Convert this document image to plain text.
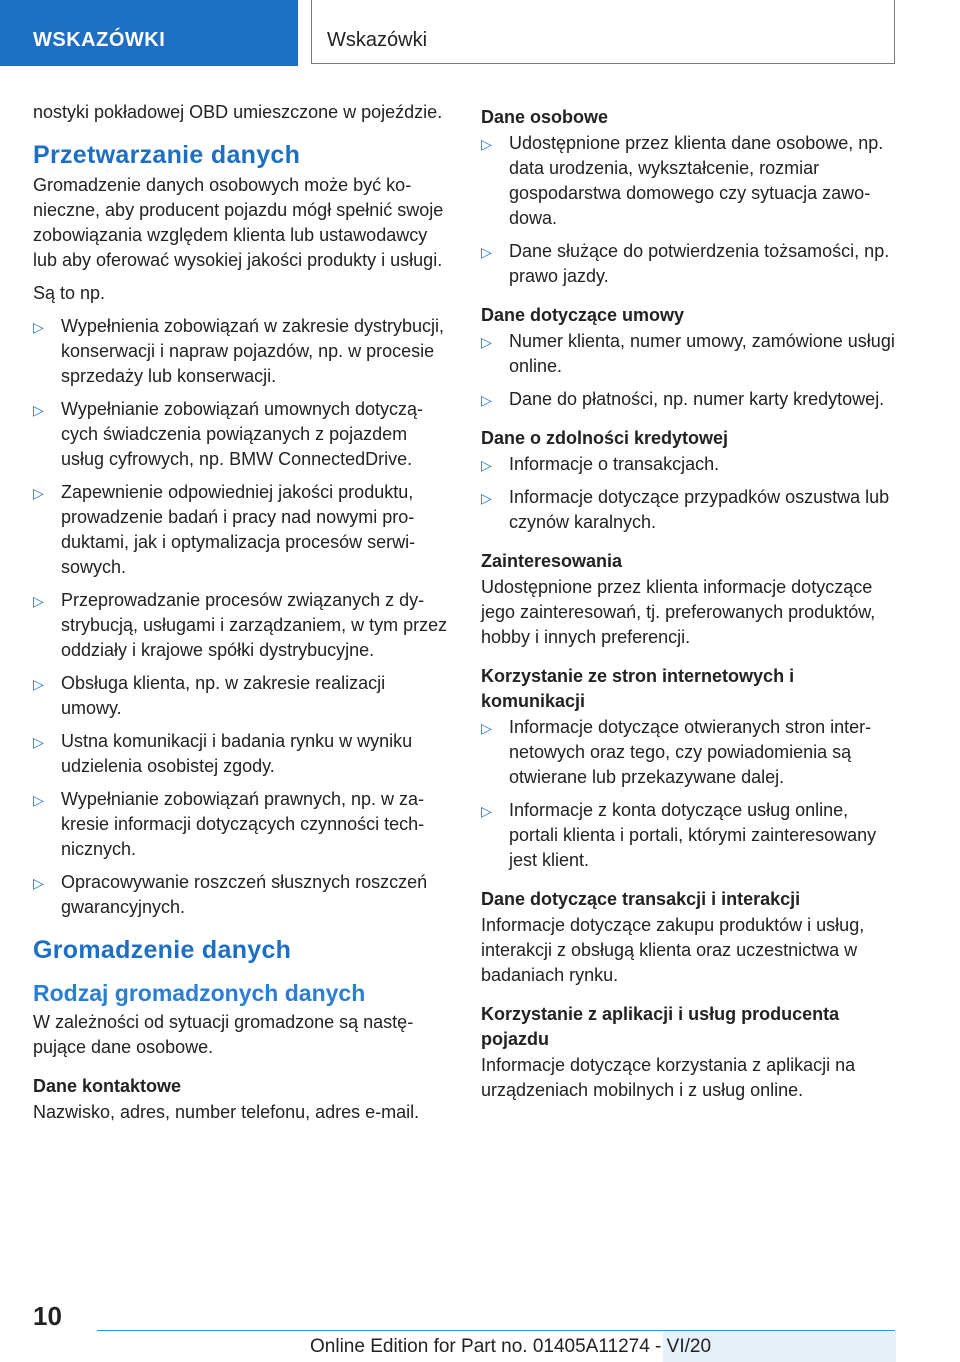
WSKAZÓWKI	Wskazówki

nostyki pokładowej OBD umieszczone w pojeździe.

Przetwarzanie danych

Gromadzenie danych osobowych może być konieczne, aby producent pojazdu mógł spełnić swoje zobowiązania względem klienta lub ustawodawcy lub aby oferować wysokiej jakości produkty i usługi.

Są to np.

▷ Wypełnienia zobowiązań w zakresie dystrybucji, konserwacji i napraw pojazdów, np. w procesie sprzedaży lub konserwacji.
▷ Wypełnianie zobowiązań umownych dotyczących świadczenia powiązanych z pojazdem usług cyfrowych, np. BMW ConnectedDrive.
▷ Zapewnienie odpowiedniej jakości produktu, prowadzenie badań i pracy nad nowymi produktami, jak i optymalizacja procesów serwisowych.
▷ Przeprowadzanie procesów związanych z dystrybucją, usługami i zarządzaniem, w tym przez oddziały i krajowe spółki dystrybucyjne.
▷ Obsługa klienta, np. w zakresie realizacji umowy.
▷ Ustna komunikacji i badania rynku w wyniku udzielenia osobistej zgody.
▷ Wypełnianie zobowiązań prawnych, np. w zakresie informacji dotyczących czynności technicznych.
▷ Opracowywanie roszczeń słusznych roszczeń gwarancyjnych.
Gromadzenie danych
Rodzaj gromadzonych danych

W zależności od sytuacji gromadzone są następujące dane osobowe.

Dane kontaktowe

Nazwisko, adres, number telefonu, adres e-mail.

Dane osobowe
▷ Udostępnione przez klienta dane osobowe, np. data urodzenia, wykształcenie, rozmiar gospodarstwa domowego czy sytuacja zawodowa.
▷ Dane służące do potwierdzenia tożsamości, np. prawo jazdy.
Dane dotyczące umowy
▷ Numer klienta, numer umowy, zamówione usługi online.
▷ Dane do płatności, np. numer karty kredytowej.
Dane o zdolności kredytowej
▷ Informacje o transakcjach.
▷ Informacje dotyczące przypadków oszustwa lub czynów karalnych.
Zainteresowania

Udostępnione przez klienta informacje dotyczące jego zainteresowań, tj. preferowanych produktów, hobby i innych preferencji.

Korzystanie ze stron internetowych i komunikacji
▷ Informacje dotyczące otwieranych stron internetowych oraz tego, czy powiadomienia są otwierane lub przekazywane dalej.
▷ Informacje z konta dotyczące usług online, portali klienta i portali, którymi zainteresowany jest klient.
Dane dotyczące transakcji i interakcji

Informacje dotyczące zakupu produktów i usług, interakcji z obsługą klienta oraz uczestnictwa w badaniach rynku.

Korzystanie z aplikacji i usług producenta pojazdu

Informacje dotyczące korzystania z aplikacji na urządzeniach mobilnych i z usług online.

10
Online Edition for Part no. 01405A11274 - VI/20
